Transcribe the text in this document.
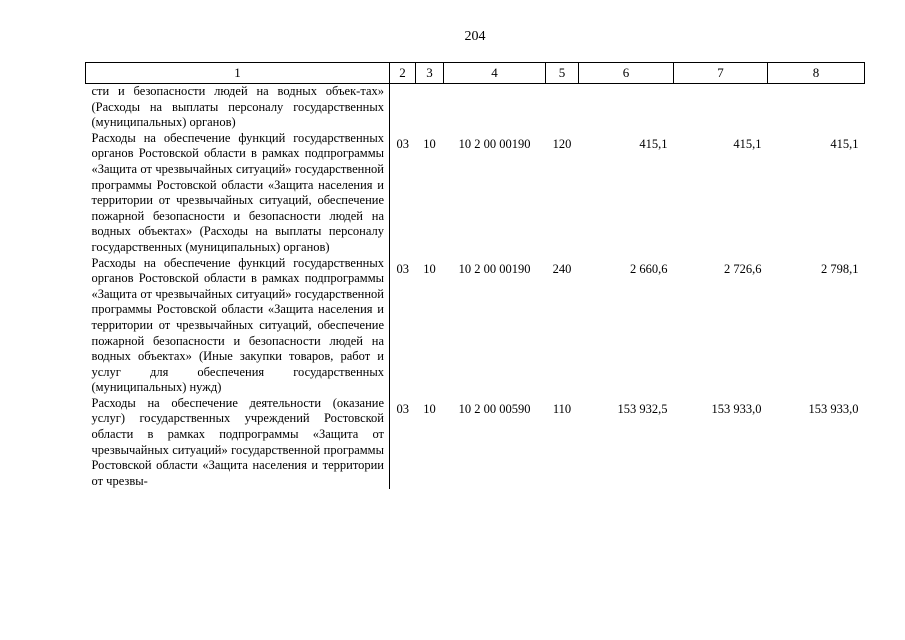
204
1	2	3	4	5	6	7	8
сти и безопасности людей на водных объек-тах» (Расходы на выплаты персоналу государственных (муниципальных) органов)							
Расходы на обеспечение функций государственных органов Ростовской области в рамках подпрограммы «Защита от чрезвычайных ситуаций» государственной программы Ростовской области «Защита населения и территории от чрезвычайных ситуаций, обеспечение пожарной безопасности и безопасности людей на водных объектах» (Расходы на выплаты персоналу государственных (муниципальных) органов)	03	10	10 2 00 00190	120	415,1	415,1	415,1
Расходы на обеспечение функций государственных органов Ростовской области в рамках подпрограммы «Защита от чрезвычайных ситуаций» государственной программы Ростовской области «Защита населения и территории от чрезвычайных ситуаций, обеспечение пожарной безопасности и безопасности людей на водных объектах» (Иные закупки товаров, работ и услуг для обеспечения государственных (муниципальных) нужд)	03	10	10 2 00 00190	240	2 660,6	2 726,6	2 798,1
Расходы на обеспечение деятельности (оказание услуг) государственных учреждений Ростовской области в рамках подпрограммы «Защита от чрезвычайных ситуаций» государственной программы Ростовской области «Защита населения и территории от чрезвы-	03	10	10 2 00 00590	110	153 932,5	153 933,0	153 933,0
